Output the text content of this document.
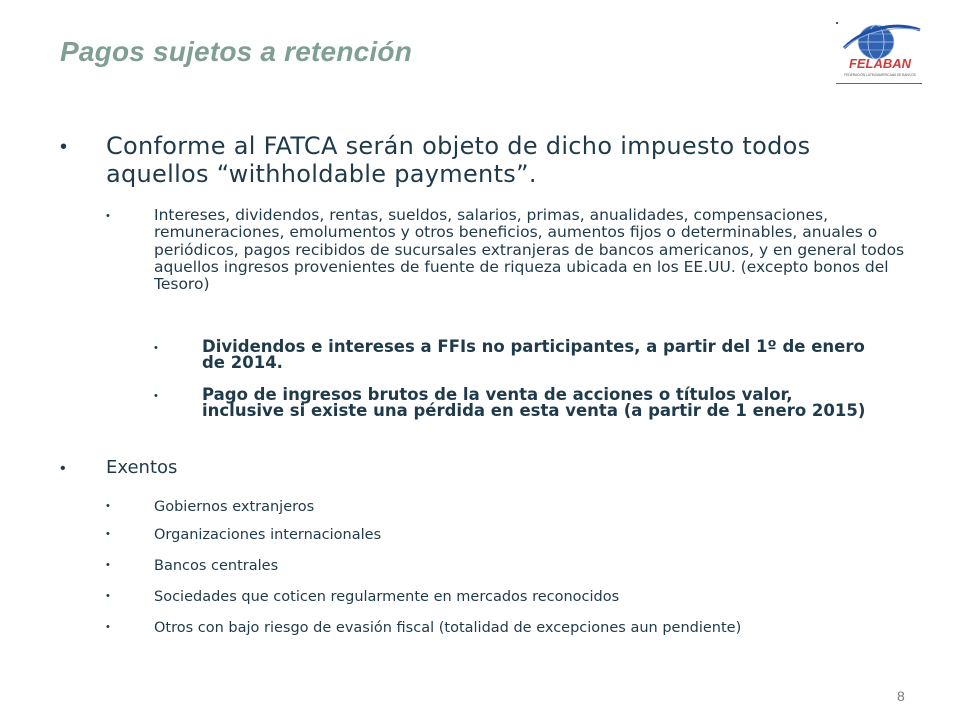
Pagos sujetos a retención	FELABAN
FEDERACIÓN LATINOAMERICANA DE BANCOS
• Conforme al FATCA serán objeto de dicho impuesto todos aquellos “withholdable payments”.
•	Intereses, dividendos, rentas, sueldos, salarios, primas, anualidades, compensaciones, remuneraciones, emolumentos y otros beneficios, aumentos fijos o determinables, anuales o periódicos, pagos recibidos de sucursales extranjeras de bancos americanos, y en general todos aquellos ingresos provenientes de fuente de riqueza ubicada en los EE.UU. (excepto bonos del Tesoro)
•	Dividendos e intereses a FFIs no participantes, a partir del 1º de enero de 2014.
•	Pago de ingresos brutos de la venta de acciones o títulos valor, inclusive si existe una pérdida en esta venta (a partir de 1 enero 2015)
• Exentos
•	Gobiernos extranjeros
•	Organizaciones internacionales
•	Bancos centrales
•	Sociedades que coticen regularmente en mercados reconocidos
•	Otros con bajo riesgo de evasión fiscal (totalidad de excepciones aun pendiente)
8
